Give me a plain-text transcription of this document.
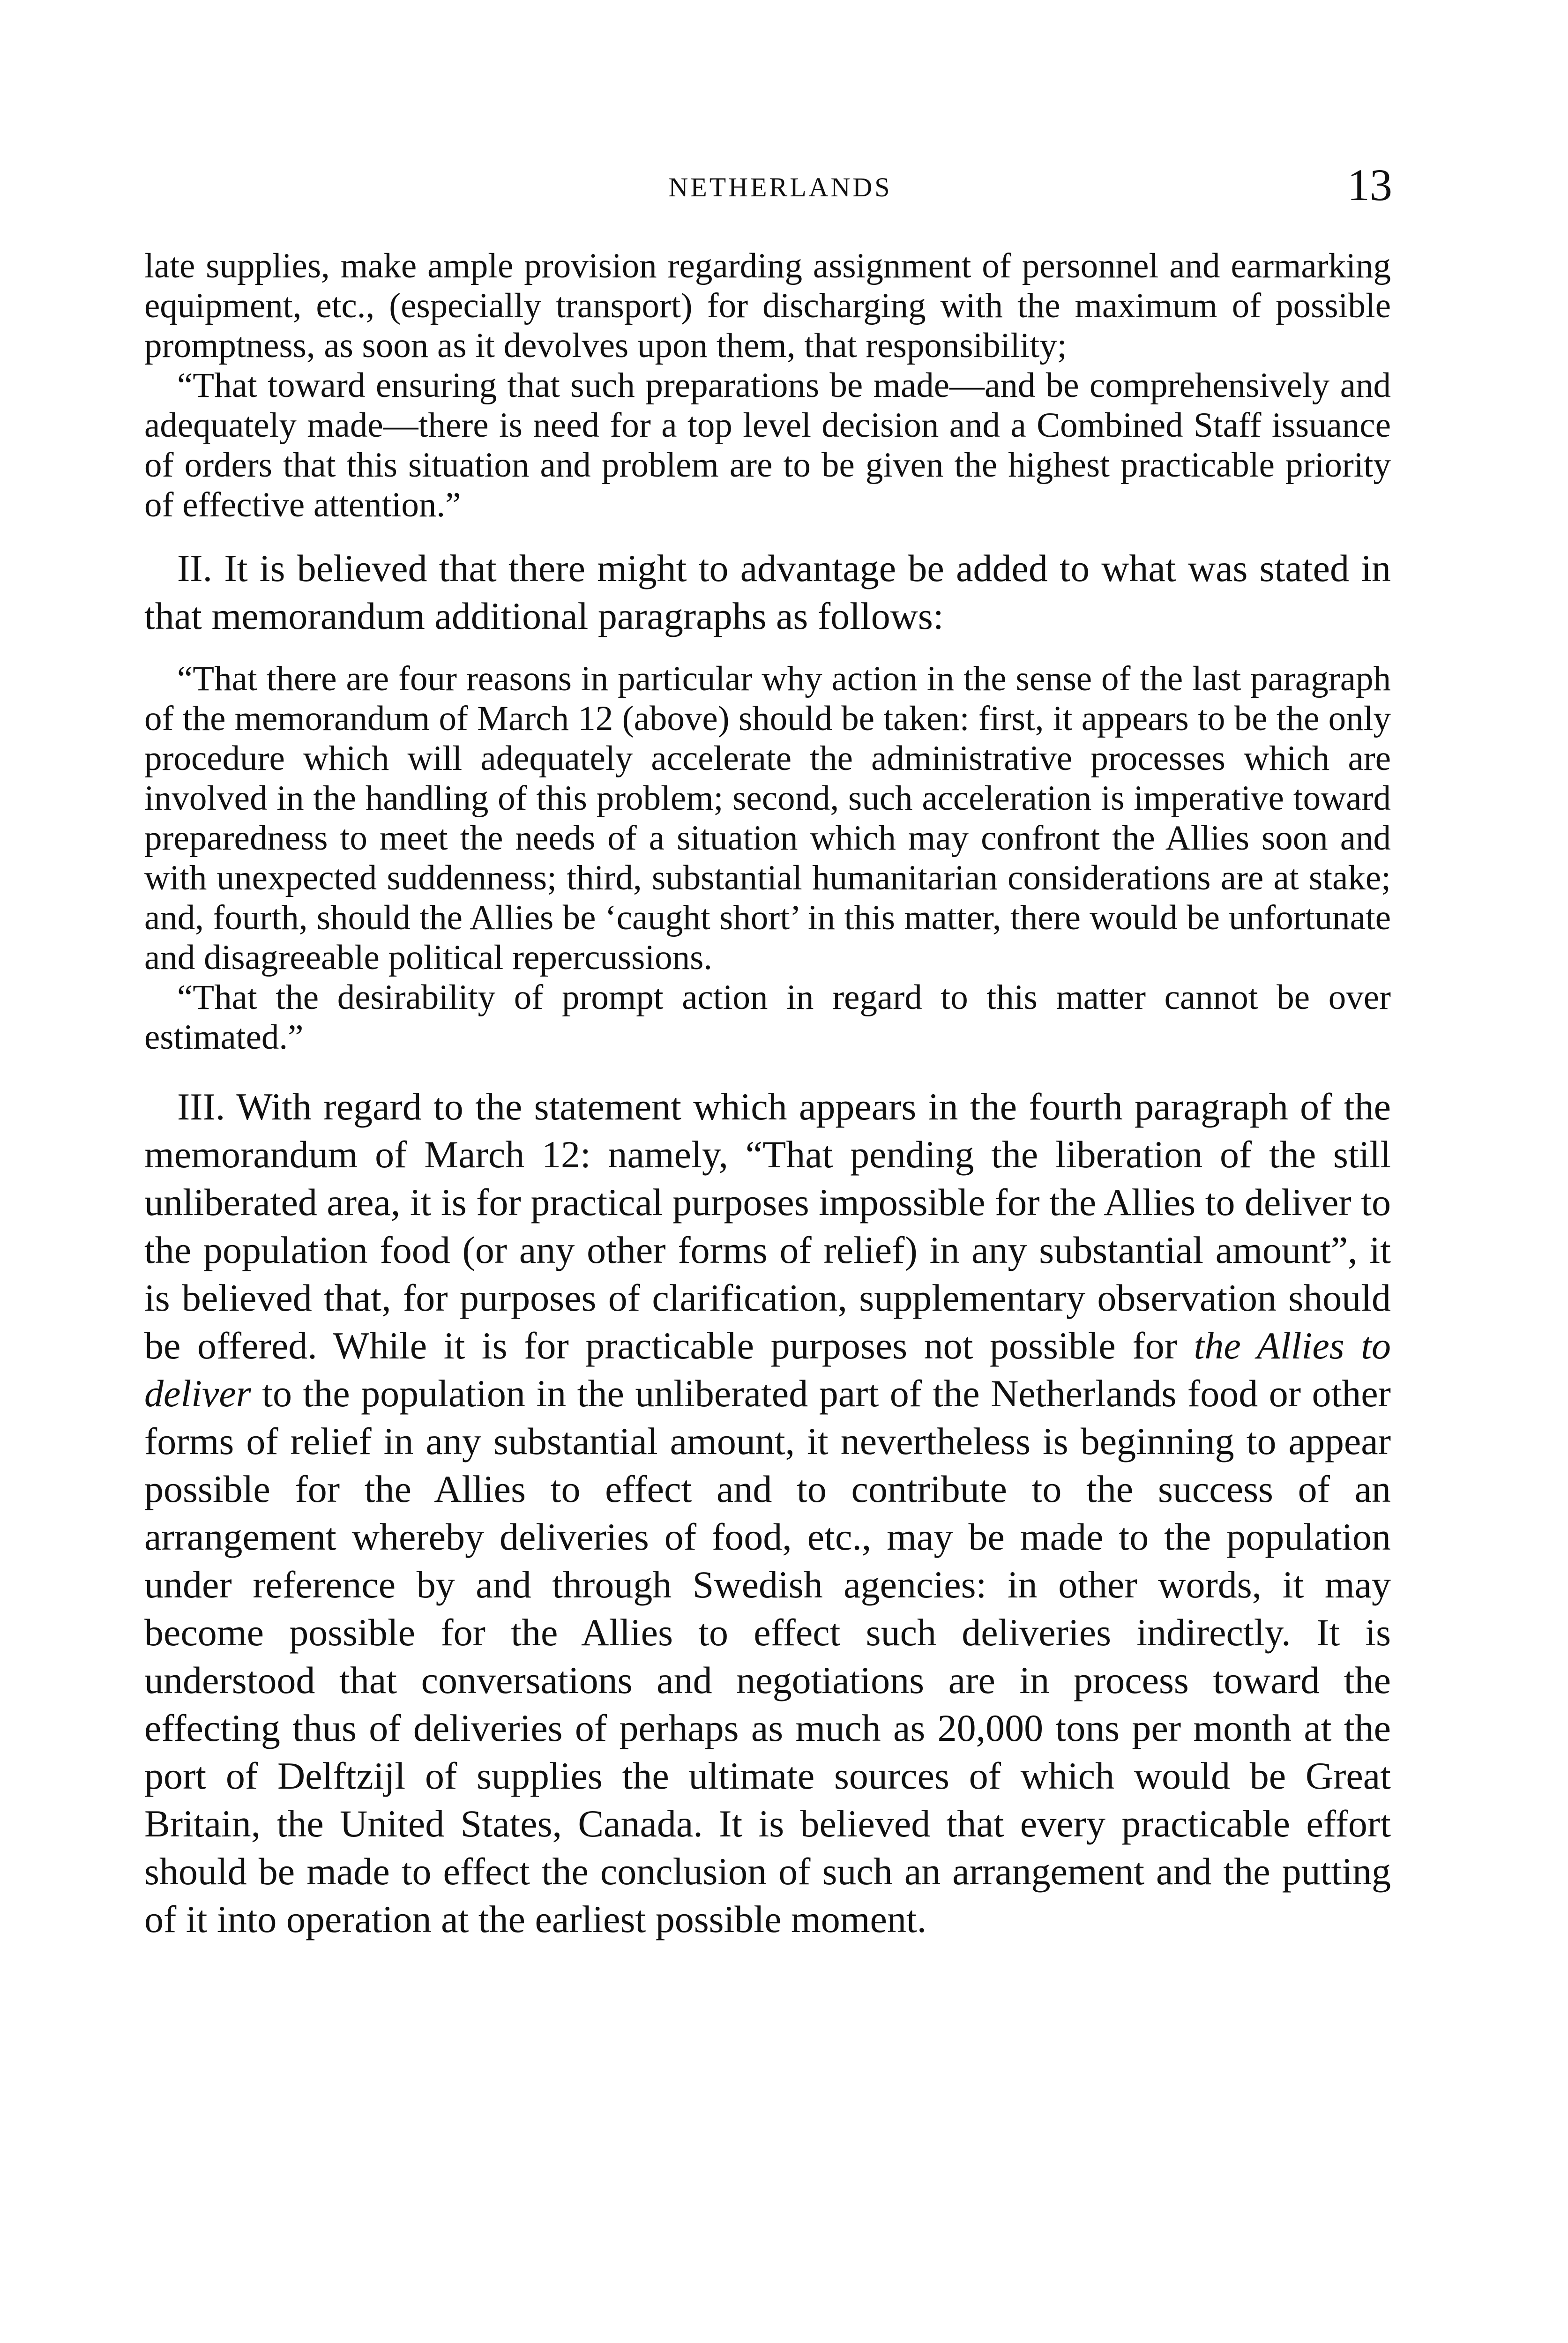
NETHERLANDS	13

late supplies, make ample provision regarding assignment of personnel and earmarking equipment, etc., (especially transport) for discharging with the maximum of possible promptness, as soon as it devolves upon them, that responsibility;

“That toward ensuring that such preparations be made—and be comprehensively and adequately made—there is need for a top level decision and a Combined Staff issuance of orders that this situation and problem are to be given the highest practicable priority of effective attention.”

II. It is believed that there might to advantage be added to what was stated in that memorandum additional paragraphs as follows:

“That there are four reasons in particular why action in the sense of the last paragraph of the memorandum of March 12 (above) should be taken: first, it appears to be the only procedure which will adequately accelerate the administrative processes which are involved in the handling of this problem; second, such acceleration is imperative toward preparedness to meet the needs of a situation which may confront the Allies soon and with unexpected suddenness; third, substantial humanitarian considerations are at stake; and, fourth, should the Allies be ‘caught short’ in this matter, there would be unfortunate and disagreeable political repercussions.

“That the desirability of prompt action in regard to this matter cannot be over estimated.”

III. With regard to the statement which appears in the fourth paragraph of the memorandum of March 12: namely, “That pending the liberation of the still unliberated area, it is for practical purposes impossible for the Allies to deliver to the population food (or any other forms of relief) in any substantial amount”, it is believed that, for purposes of clarification, supplementary observation should be offered. While it is for practicable purposes not possible for the Allies to deliver to the population in the unliberated part of the Netherlands food or other forms of relief in any substantial amount, it nevertheless is beginning to appear possible for the Allies to effect and to contribute to the success of an arrangement whereby deliveries of food, etc., may be made to the population under reference by and through Swedish agencies: in other words, it may become possible for the Allies to effect such deliveries indirectly. It is understood that conversations and negotiations are in process toward the effecting thus of deliveries of perhaps as much as 20,000 tons per month at the port of Delftzijl of supplies the ultimate sources of which would be Great Britain, the United States, Canada. It is believed that every practicable effort should be made to effect the conclusion of such an arrangement and the putting of it into operation at the earliest possible moment.
